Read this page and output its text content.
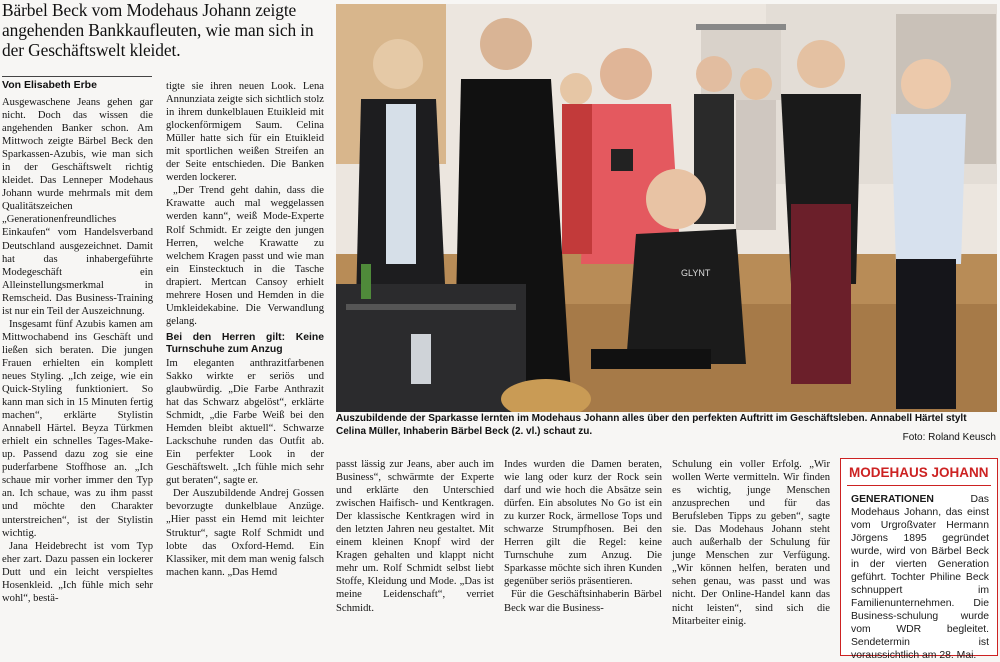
Bärbel Beck vom Modehaus Johann zeigte angehenden Bankkaufleuten, wie man sich in der Geschäftswelt kleidet.
Von Elisabeth Erbe

Ausgewaschene Jeans gehen gar nicht. Doch das wissen die angehenden Banker schon. Am Mittwoch zeigte Bärbel Beck den Sparkassen-Azubis, wie man sich in der Geschäftswelt richtig kleidet. Das Lenneper Modehaus Johann wurde mehrmals mit dem Qualitätszeichen „Generationenfreundliches Einkaufen“ vom Handelsverband Deutschland ausgezeichnet. Damit hat das inhabergeführte Modegeschäft ein Alleinstellungsmerkmal in Remscheid. Das Business-Training ist nur ein Teil der Auszeichnung.

Insgesamt fünf Azubis kamen am Mittwochabend ins Geschäft und ließen sich beraten. Die jungen Frauen erhielten ein komplett neues Styling. „Ich zeige, wie ein Quick-Styling funktioniert. So kann man sich in 15 Minuten fertig machen“, erklärte Stylistin Annabell Härtel. Beyza Türkmen erhielt ein schnelles Tages-Make-up. Passend dazu zog sie eine puderfarbene Stoffhose an. „Ich schaue mir vorher immer den Typ an. Ich schaue, was zu ihm passt und möchte den Charakter unterstreichen“, ist der Stylistin wichtig.

Jana Heidebrecht ist vom Typ eher zart. Dazu passen ein lockerer Dutt und ein leicht verspieltes Hosenkleid. „Ich fühle mich sehr wohl“, bestä-

tigte sie ihren neuen Look. Lena Annunziata zeigte sich sichtlich stolz in ihrem dunkelblauen Etuikleid mit glockenförmigem Saum. Celina Müller hatte sich für ein Etuikleid mit sportlichen weißen Streifen an der Seite entschieden. Die Banken werden lockerer.

„Der Trend geht dahin, dass die Krawatte auch mal weggelassen werden kann“, weiß Mode-Experte Rolf Schmidt. Er zeigte den jungen Herren, welche Krawatte zu welchem Kragen passt und wie man ein Einstecktuch in die Tasche drapiert. Mertcan Cansoy erhielt mehrere Hosen und Hemden in die Umkleidekabine. Die Verwandlung gelang.

Bei den Herren gilt: Keine Turnschuhe zum Anzug

Im eleganten anthrazitfarbenen Sakko wirkte er seriös und glaubwürdig. „Die Farbe Anthrazit hat das Schwarz abgelöst“, erklärte Schmidt, „die Farbe Weiß bei den Hemden bleibt aktuell“. Schwarze Lackschuhe runden das Outfit ab. Ein perfekter Look in der Geschäftswelt. „Ich fühle mich sehr gut beraten“, sagte er.

Der Auszubildende Andrej Gossen bevorzugte dunkelblaue Anzüge. „Hier passt ein Hemd mit leichter Struktur“, sagte Rolf Schmidt und lobte das Oxford-Hemd. Ein Klassiker, mit dem man wenig falsch machen kann. „Das Hemd

GLYNT
Auszubildende der Sparkasse lernten im Modehaus Johann alles über den perfekten Auftritt im Geschäftsleben. Annabell Härtel stylt Celina Müller, Inhaberin Bärbel Beck (2. vl.) schaut zu.
Foto: Roland Keusch

passt lässig zur Jeans, aber auch im Business“, schwärmte der Experte und erklärte den Unterschied zwischen Haifisch- und Kentkragen. Der klassische Kentkragen wird in den letzten Jahren neu gestaltet. Mit einem kleinen Knopf wird der Kragen gehalten und klappt nicht mehr um. Rolf Schmidt selbst liebt Stoffe, Kleidung und Mode. „Das ist meine Leidenschaft“, verriet Schmidt.

Indes wurden die Damen beraten, wie lang oder kurz der Rock sein darf und wie hoch die Absätze sein dürfen. Ein absolutes No Go ist ein zu kurzer Rock, ärmellose Tops und schwarze Strumpfhosen. Bei den Herren gilt die Regel: keine Turnschuhe zum Anzug. Die Sparkasse möchte sich ihren Kunden gegenüber seriös präsentieren.

Für die Geschäftsinhaberin Bärbel Beck war die Business-

Schulung ein voller Erfolg. „Wir wollen Werte vermitteln. Wir finden es wichtig, junge Menschen anzusprechen und für das Berufsleben Tipps zu geben“, sagte sie. Das Modehaus Johann steht auch außerhalb der Schulung für junge Menschen zur Verfügung. „Wir können helfen, beraten und sehen genau, was passt und was nicht. Der Online-Handel kann das nicht leisten“, sind sich die Mitarbeiter einig.

MODEHAUS JOHANN
GENERATIONEN	Das Modehaus Johann, das einst vom Urgroßvater Hermann Jörgens 1895 gegründet wurde, wird von Bärbel Beck in der vierten Generation geführt. Tochter Philine Beck schnuppert im Familienunternehmen. Die Business-schulung wurde vom WDR begleitet. Sendetermin ist voraussichtlich am 28. Mai.
